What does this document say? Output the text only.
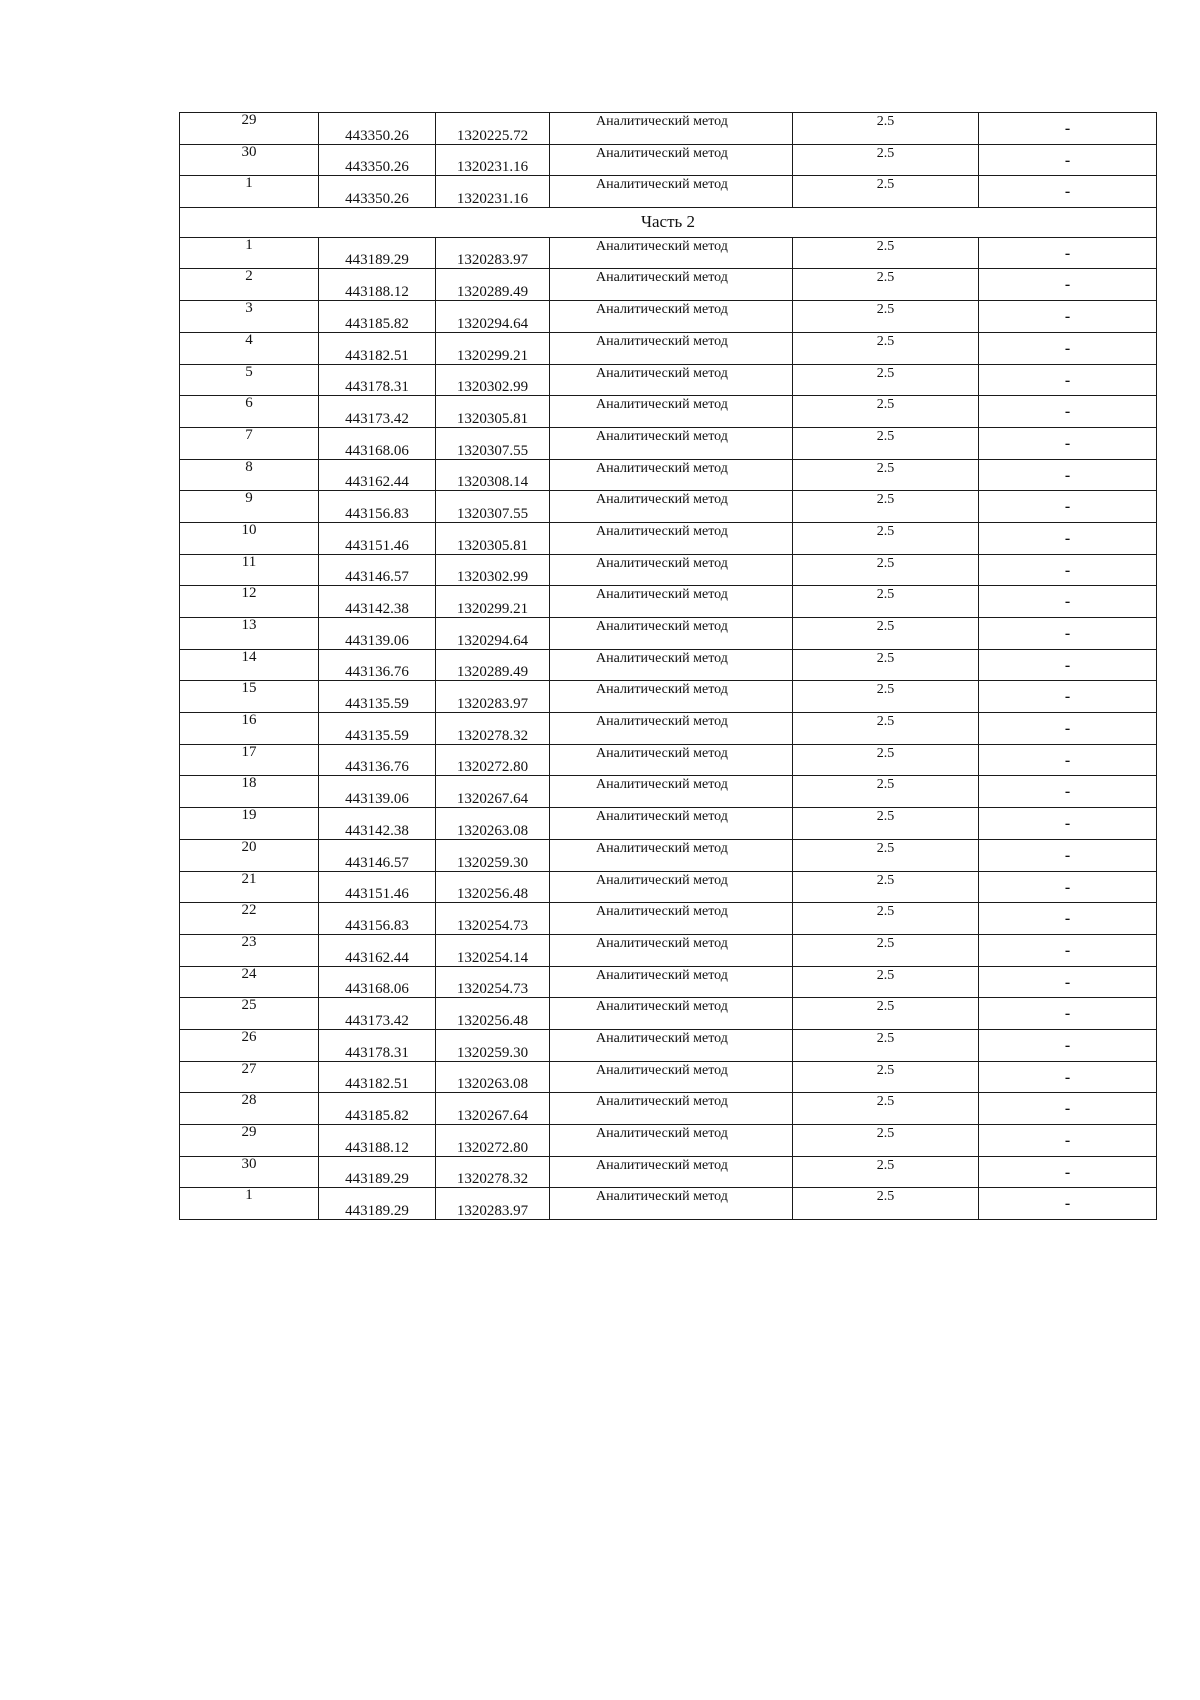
29	443350.26	1320225.72	Аналитический метод	2.5	-
30	443350.26	1320231.16	Аналитический метод	2.5	-
1	443350.26	1320231.16	Аналитический метод	2.5	-
Часть 2					
1	443189.29	1320283.97	Аналитический метод	2.5	-
2	443188.12	1320289.49	Аналитический метод	2.5	-
3	443185.82	1320294.64	Аналитический метод	2.5	-
4	443182.51	1320299.21	Аналитический метод	2.5	-
5	443178.31	1320302.99	Аналитический метод	2.5	-
6	443173.42	1320305.81	Аналитический метод	2.5	-
7	443168.06	1320307.55	Аналитический метод	2.5	-
8	443162.44	1320308.14	Аналитический метод	2.5	-
9	443156.83	1320307.55	Аналитический метод	2.5	-
10	443151.46	1320305.81	Аналитический метод	2.5	-
11	443146.57	1320302.99	Аналитический метод	2.5	-
12	443142.38	1320299.21	Аналитический метод	2.5	-
13	443139.06	1320294.64	Аналитический метод	2.5	-
14	443136.76	1320289.49	Аналитический метод	2.5	-
15	443135.59	1320283.97	Аналитический метод	2.5	-
16	443135.59	1320278.32	Аналитический метод	2.5	-
17	443136.76	1320272.80	Аналитический метод	2.5	-
18	443139.06	1320267.64	Аналитический метод	2.5	-
19	443142.38	1320263.08	Аналитический метод	2.5	-
20	443146.57	1320259.30	Аналитический метод	2.5	-
21	443151.46	1320256.48	Аналитический метод	2.5	-
22	443156.83	1320254.73	Аналитический метод	2.5	-
23	443162.44	1320254.14	Аналитический метод	2.5	-
24	443168.06	1320254.73	Аналитический метод	2.5	-
25	443173.42	1320256.48	Аналитический метод	2.5	-
26	443178.31	1320259.30	Аналитический метод	2.5	-
27	443182.51	1320263.08	Аналитический метод	2.5	-
28	443185.82	1320267.64	Аналитический метод	2.5	-
29	443188.12	1320272.80	Аналитический метод	2.5	-
30	443189.29	1320278.32	Аналитический метод	2.5	-
1	443189.29	1320283.97	Аналитический метод	2.5	-
